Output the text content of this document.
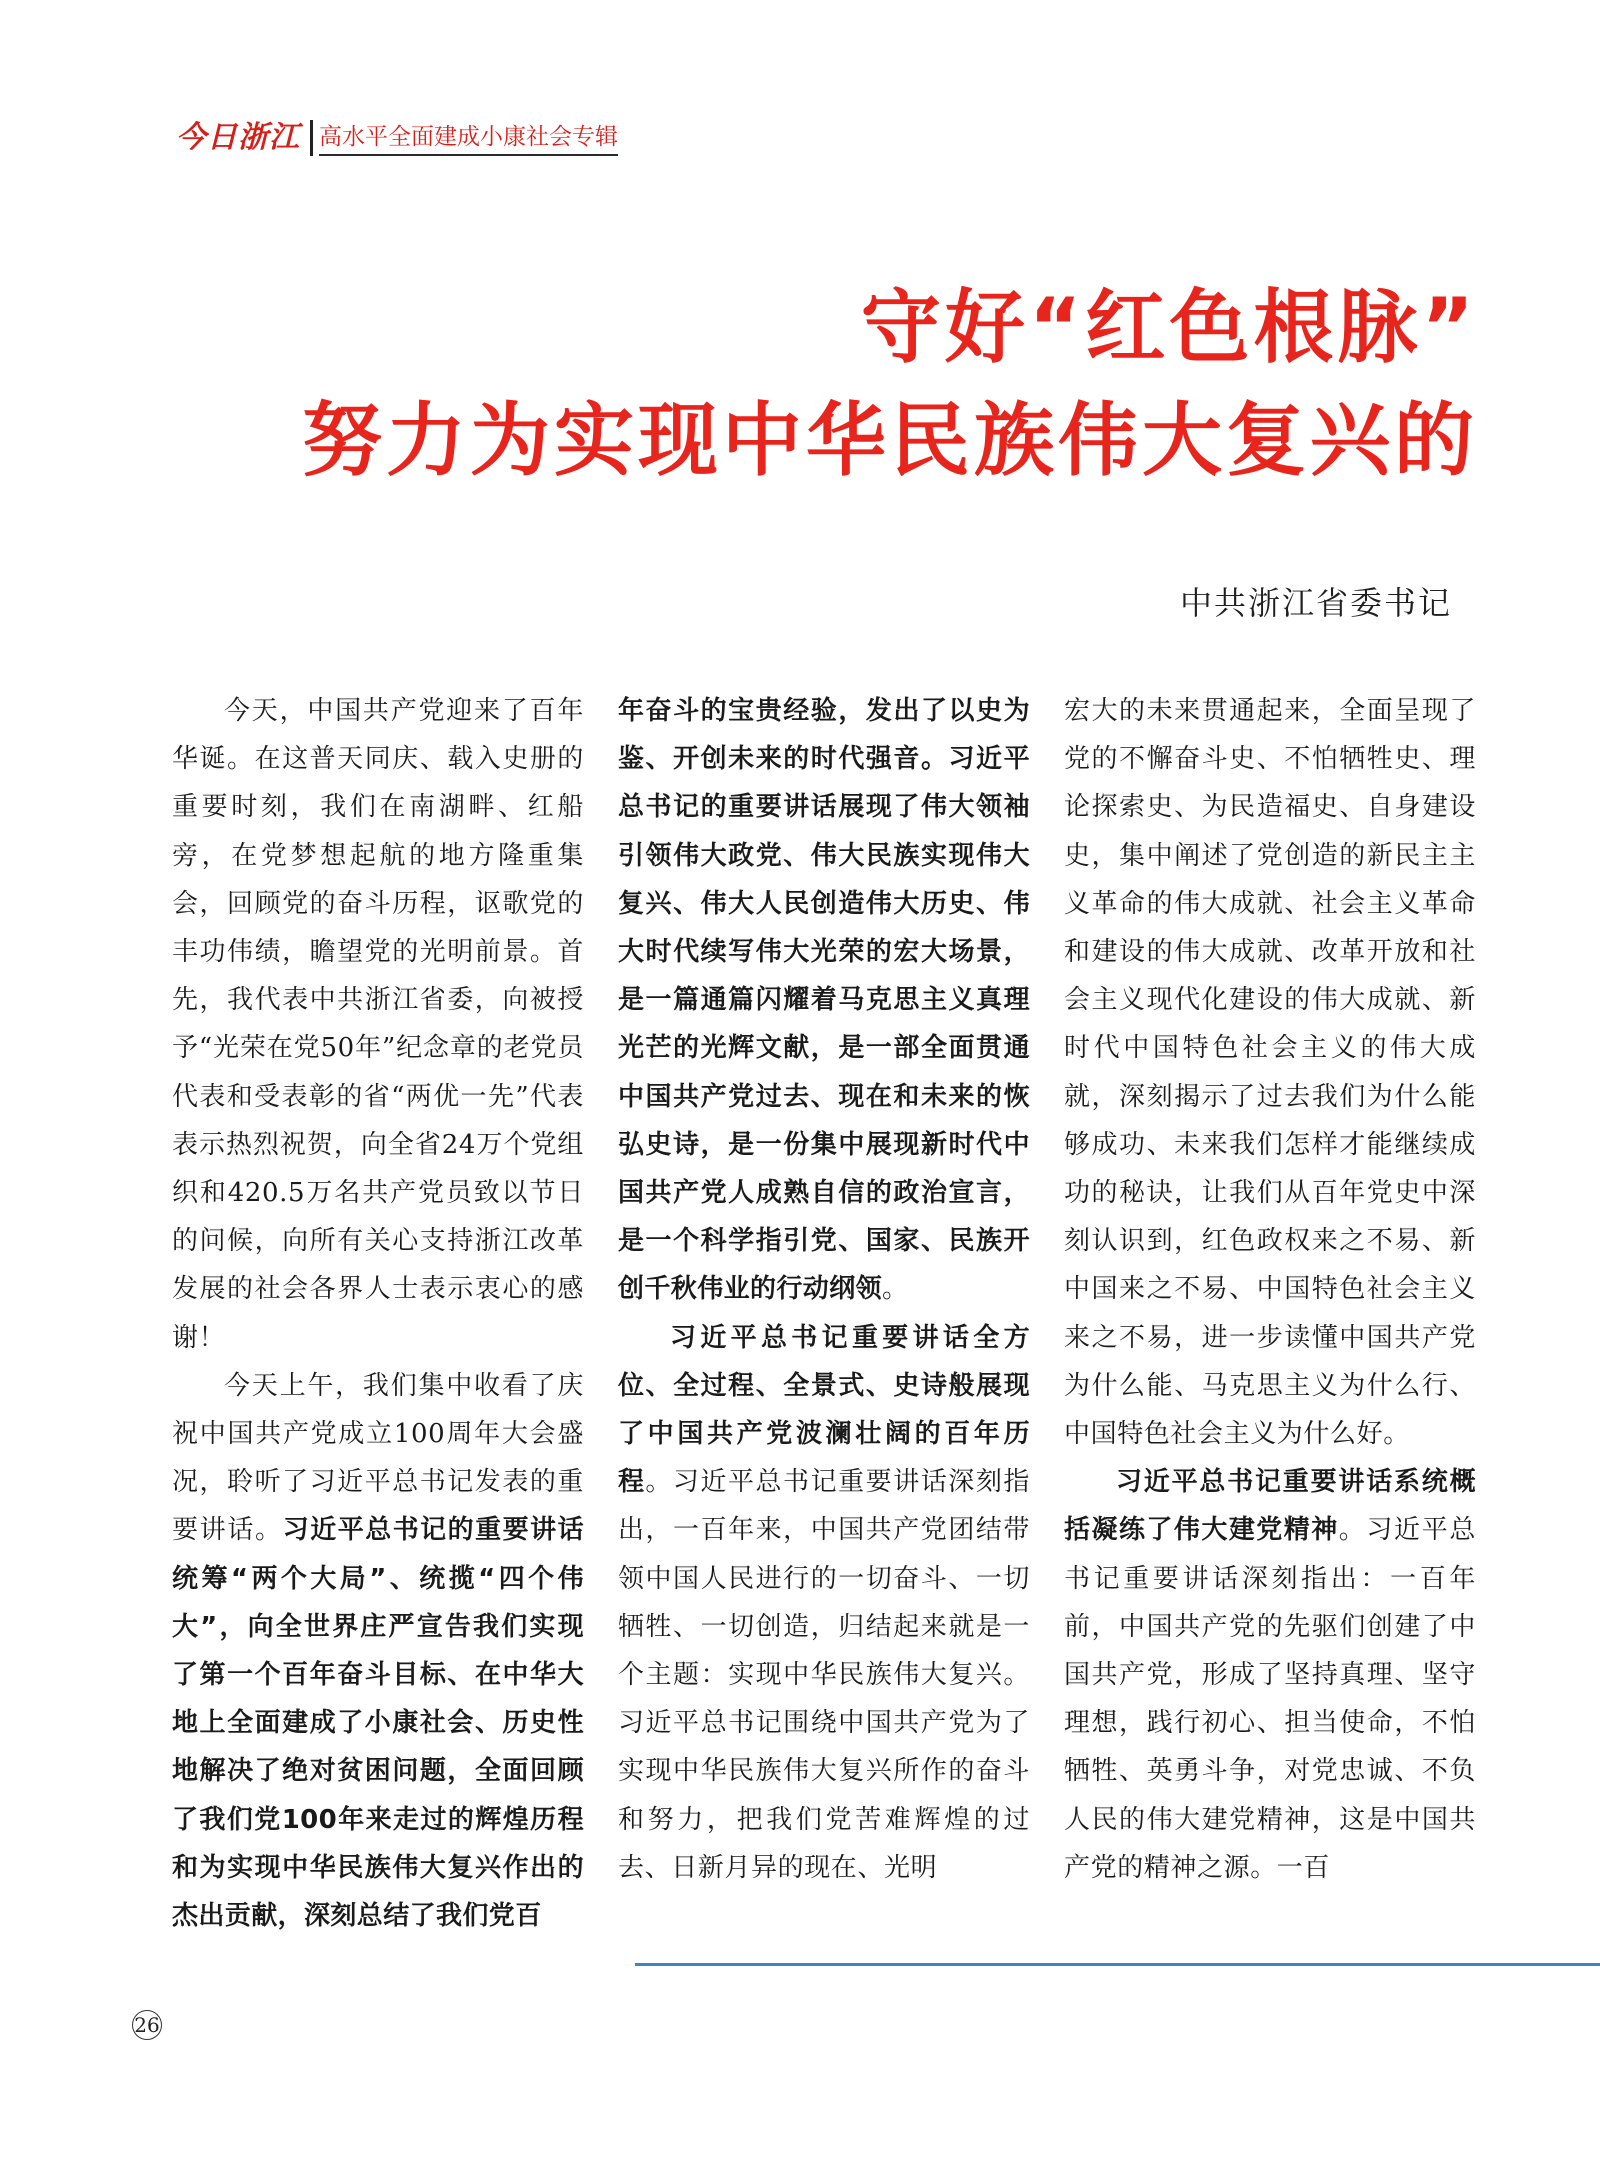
今日浙江 高水平全面建成小康社会专辑
守好“红色根脉”
努力为实现中华民族伟大复兴的

中共浙江省委书记

今天，中国共产党迎来了百年华诞。在这普天同庆、载入史册的重要时刻，我们在南湖畔、红船旁，在党梦想起航的地方隆重集会，回顾党的奋斗历程，讴歌党的丰功伟绩，瞻望党的光明前景。首先，我代表中共浙江省委，向被授予“光荣在党50年”纪念章的老党员代表和受表彰的省“两优一先”代表表示热烈祝贺，向全省24万个党组织和420.5万名共产党员致以节日的问候，向所有关心支持浙江改革发展的社会各界人士表示衷心的感谢！

今天上午，我们集中收看了庆祝中国共产党成立100周年大会盛况，聆听了习近平总书记发表的重要讲话。习近平总书记的重要讲话统筹“两个大局”、统揽“四个伟大”，向全世界庄严宣告我们实现了第一个百年奋斗目标、在中华大地上全面建成了小康社会、历史性地解决了绝对贫困问题，全面回顾了我们党100年来走过的辉煌历程和为实现中华民族伟大复兴作出的杰出贡献，深刻总结了我们党百

年奋斗的宝贵经验，发出了以史为鉴、开创未来的时代强音。习近平总书记的重要讲话展现了伟大领袖引领伟大政党、伟大民族实现伟大复兴、伟大人民创造伟大历史、伟大时代续写伟大光荣的宏大场景，是一篇通篇闪耀着马克思主义真理光芒的光辉文献，是一部全面贯通中国共产党过去、现在和未来的恢弘史诗，是一份集中展现新时代中国共产党人成熟自信的政治宣言，是一个科学指引党、国家、民族开创千秋伟业的行动纲领。

习近平总书记重要讲话全方位、全过程、全景式、史诗般展现了中国共产党波澜壮阔的百年历程。习近平总书记重要讲话深刻指出，一百年来，中国共产党团结带领中国人民进行的一切奋斗、一切牺牲、一切创造，归结起来就是一个主题：实现中华民族伟大复兴。习近平总书记围绕中国共产党为了实现中华民族伟大复兴所作的奋斗和努力，把我们党苦难辉煌的过去、日新月异的现在、光明

宏大的未来贯通起来，全面呈现了党的不懈奋斗史、不怕牺牲史、理论探索史、为民造福史、自身建设史，集中阐述了党创造的新民主主义革命的伟大成就、社会主义革命和建设的伟大成就、改革开放和社会主义现代化建设的伟大成就、新时代中国特色社会主义的伟大成就，深刻揭示了过去我们为什么能够成功、未来我们怎样才能继续成功的秘诀，让我们从百年党史中深刻认识到，红色政权来之不易、新中国来之不易、中国特色社会主义来之不易，进一步读懂中国共产党为什么能、马克思主义为什么行、中国特色社会主义为什么好。

习近平总书记重要讲话系统概括凝练了伟大建党精神。习近平总书记重要讲话深刻指出：一百年前，中国共产党的先驱们创建了中国共产党，形成了坚持真理、坚守理想，践行初心、担当使命，不怕牺牲、英勇斗争，对党忠诚、不负人民的伟大建党精神，这是中国共产党的精神之源。一百

26
